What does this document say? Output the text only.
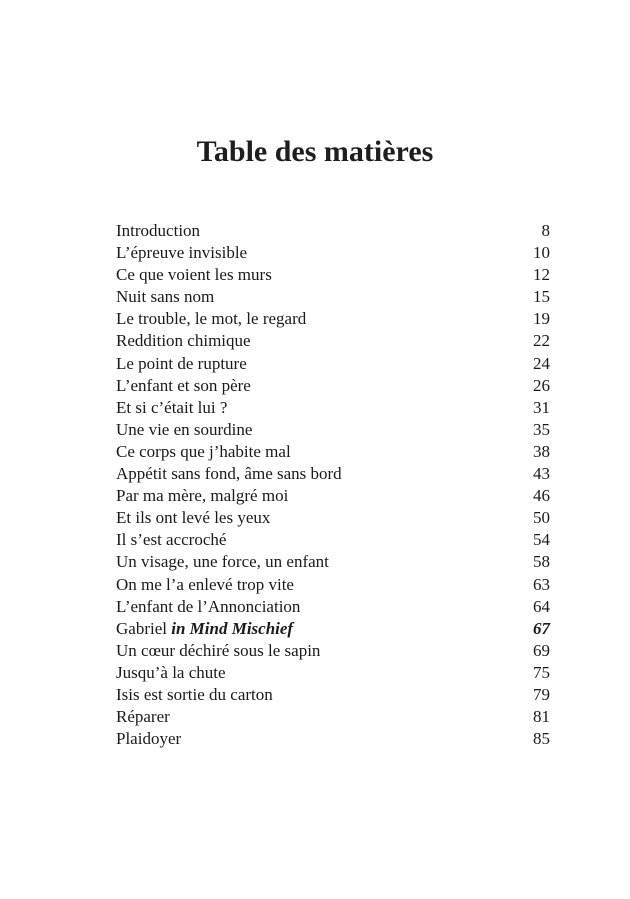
Table des matières
Introduction	8
L’épreuve invisible	10
Ce que voient les murs	12
Nuit sans nom	15
Le trouble, le mot, le regard	19
Reddition chimique	22
Le point de rupture	24
L’enfant et son père	26
Et si c’était lui ?	31
Une vie en sourdine	35
Ce corps que j’habite mal	38
Appétit sans fond, âme sans bord	43
Par ma mère, malgré moi	46
Et ils ont levé les yeux	50
Il s’est accroché	54
Un visage, une force, un enfant	58
On me l’a enlevé trop vite	63
L’enfant de l’Annonciation	64
Gabriel in Mind Mischief	67
Un cœur déchiré sous le sapin	69
Jusqu’à la chute	75
Isis est sortie du carton	79
Réparer	81
Plaidoyer	85
